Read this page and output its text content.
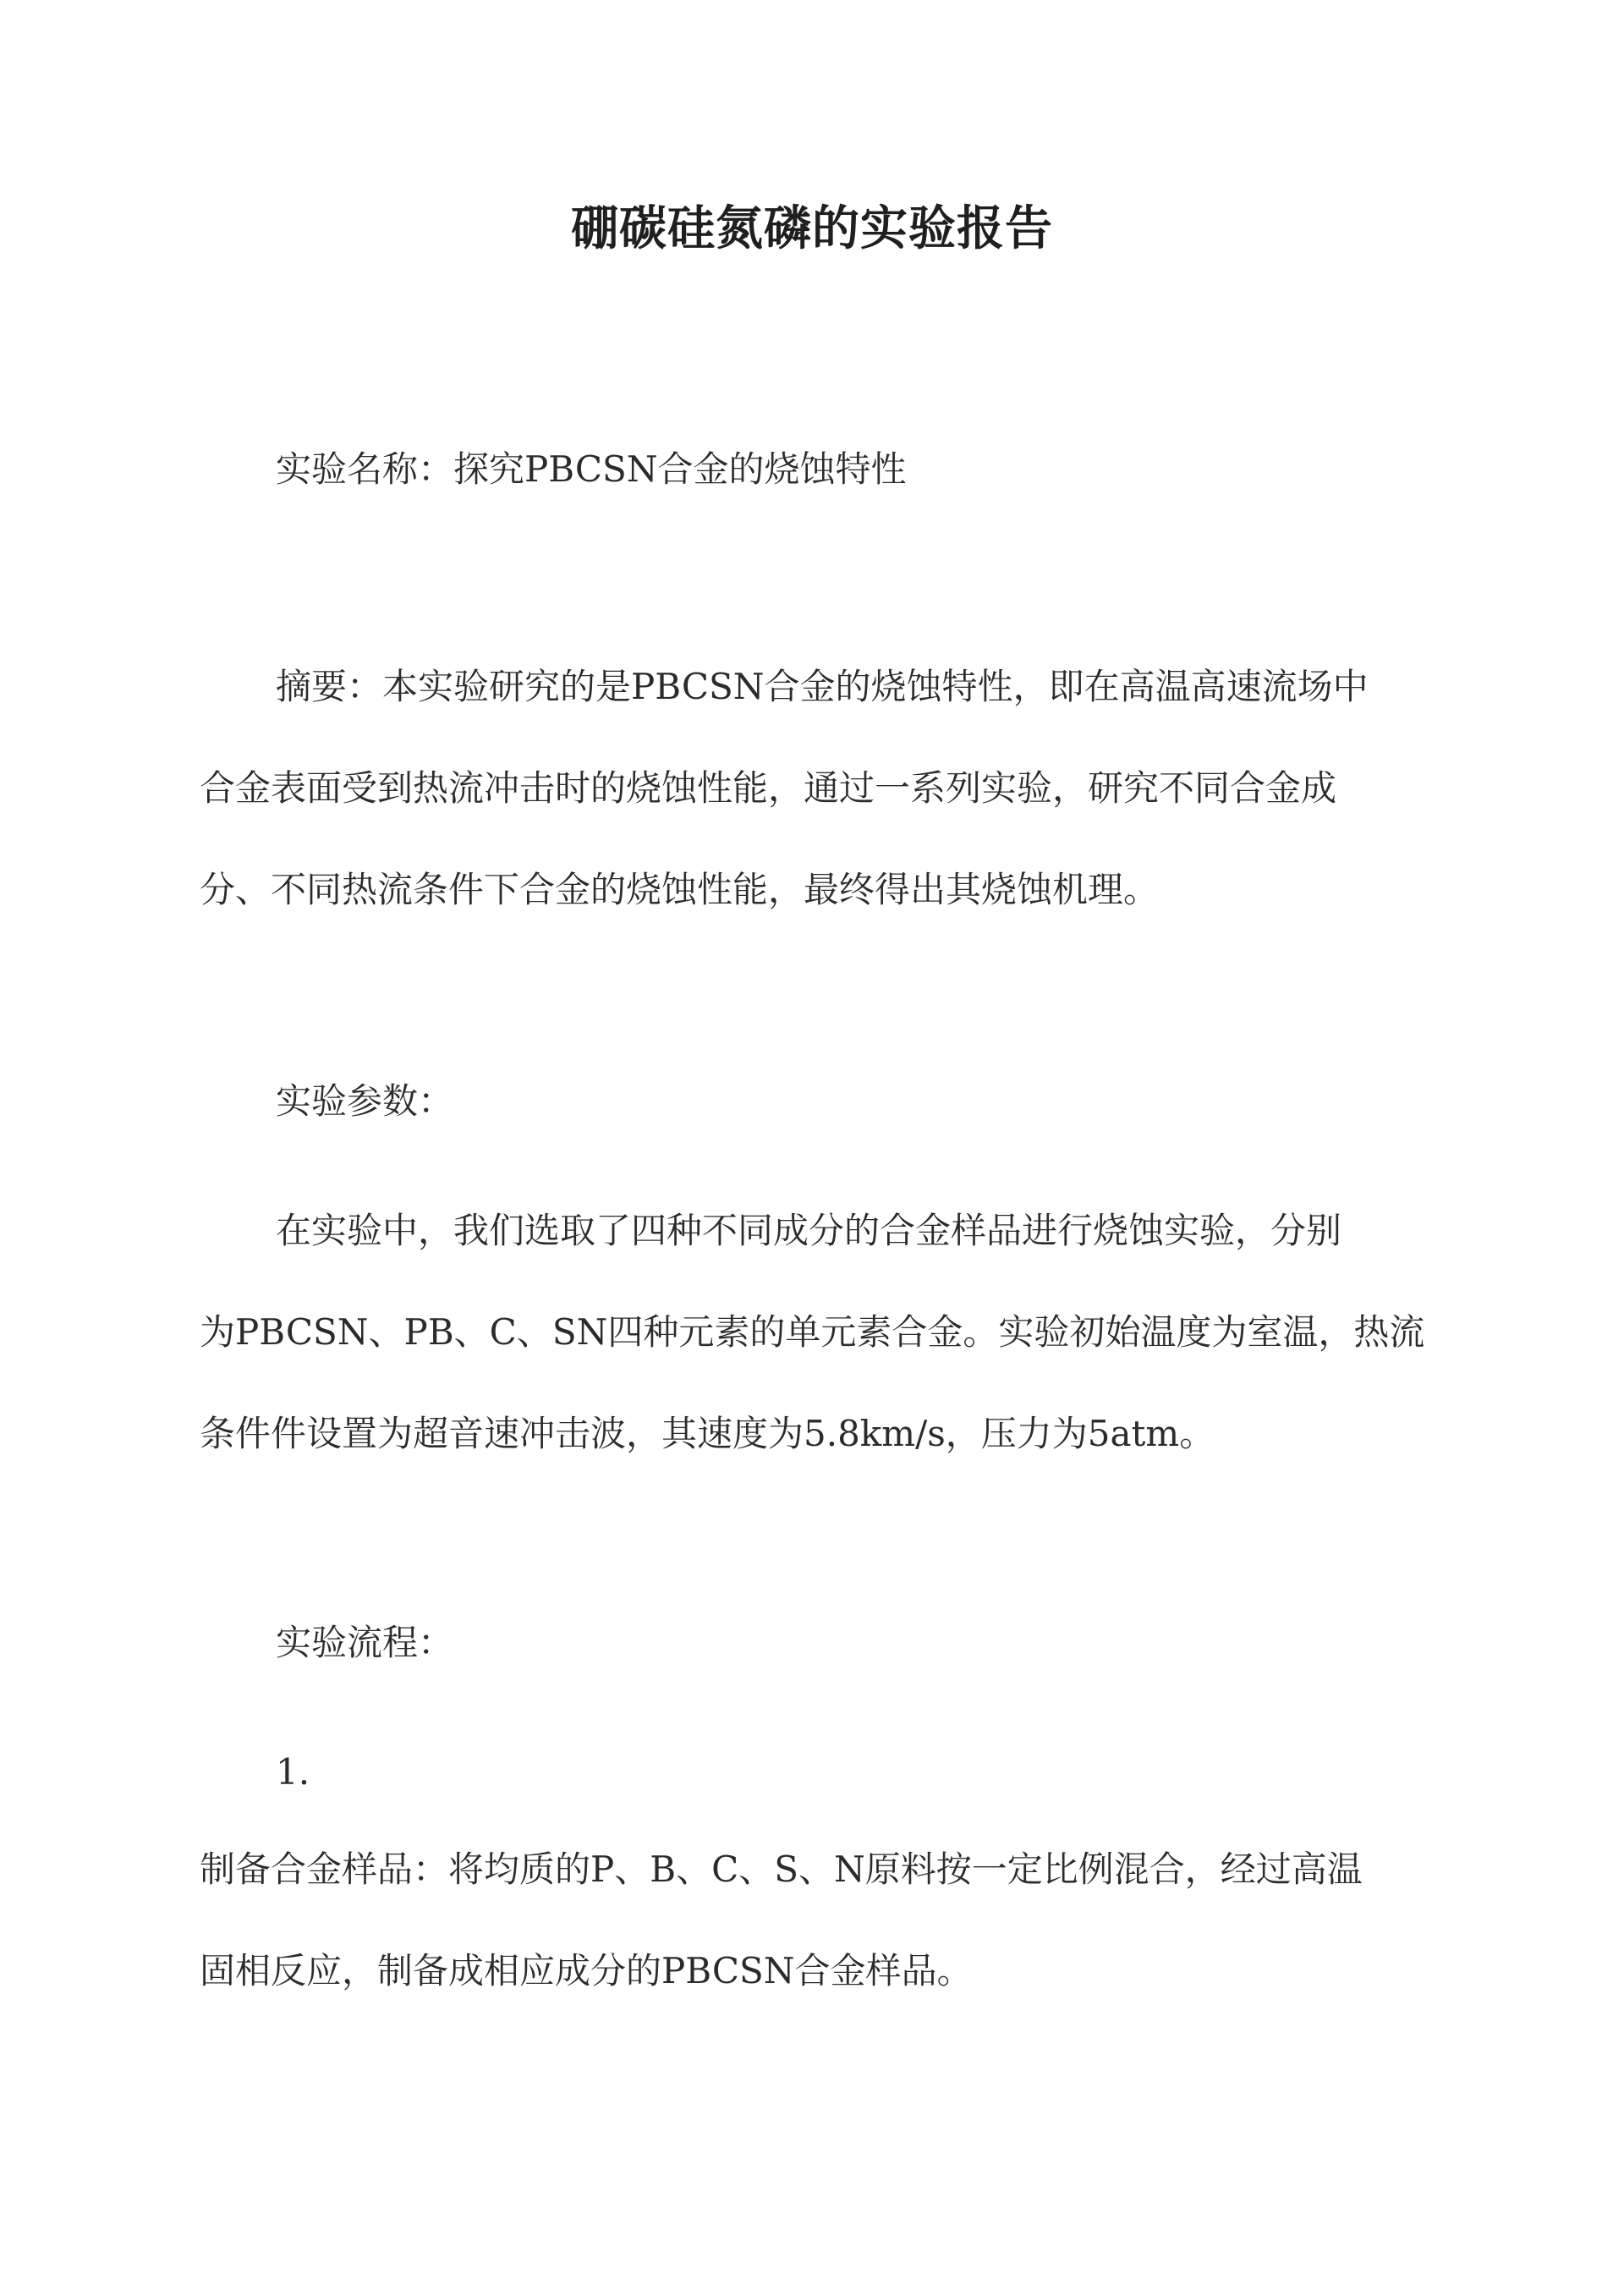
硼碳硅氮磷的实验报告

实验名称：探究PBCSN合金的烧蚀特性

摘要：本实验研究的是PBCSN合金的烧蚀特性，即在高温高速流场中
合金表面受到热流冲击时的烧蚀性能，通过一系列实验，研究不同合金成
分、不同热流条件下合金的烧蚀性能，最终得出其烧蚀机理。

实验参数：

在实验中，我们选取了四种不同成分的合金样品进行烧蚀实验，分别
为PBCSN、PB、C、SN四种元素的单元素合金。实验初始温度为室温，热流
条件件设置为超音速冲击波，其速度为5.8km/s，压力为5atm。

实验流程：

1.

制备合金样品：将均质的P、B、C、S、N原料按一定比例混合，经过高温
固相反应，制备成相应成分的PBCSN合金样品。
